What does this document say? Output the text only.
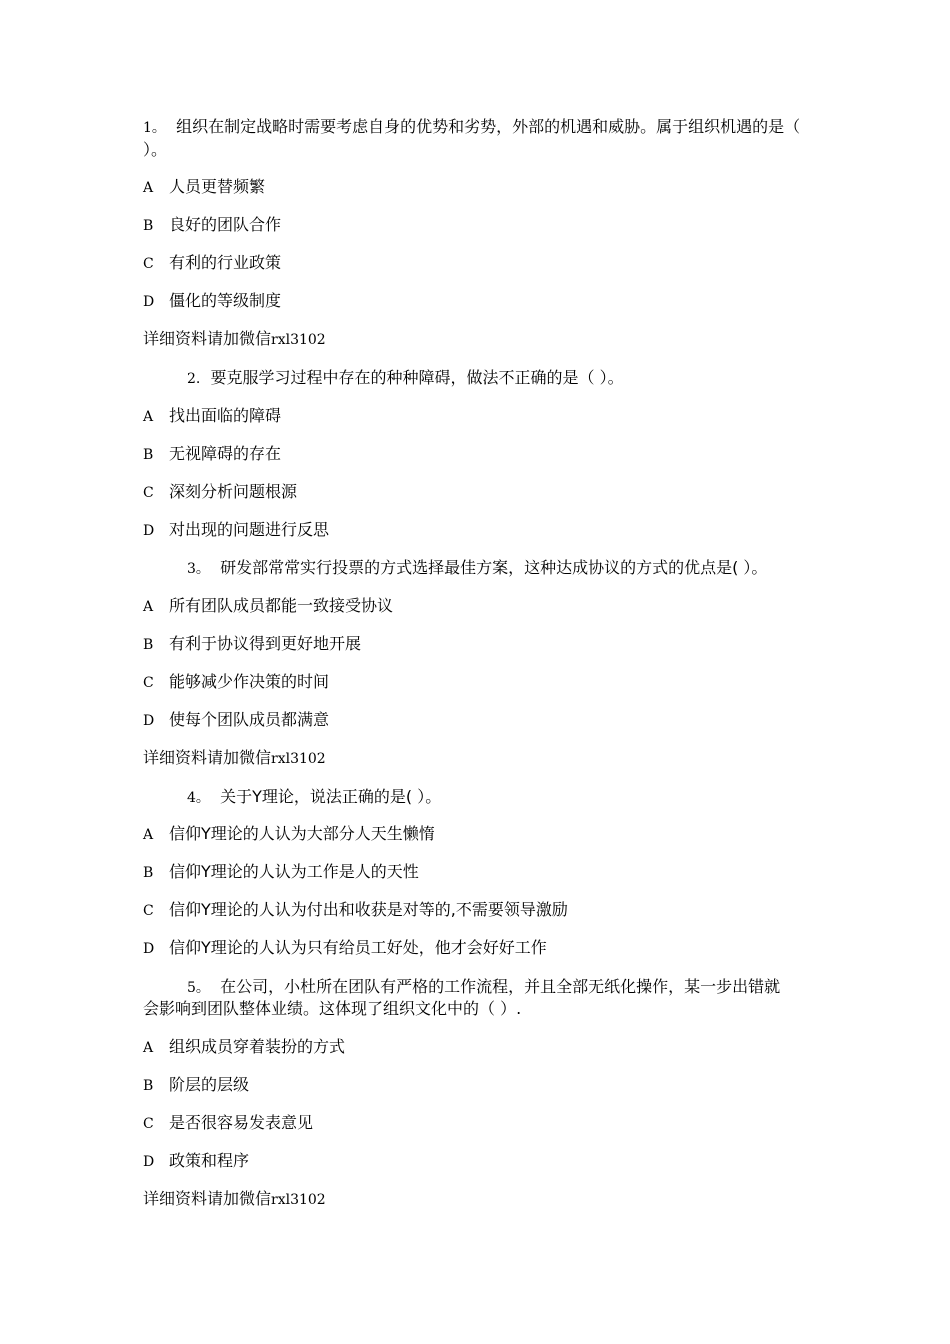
1。 组织在制定战略时需要考虑自身的优势和劣势，外部的机遇和威胁。属于组织机遇的是（ ）。
A 人员更替频繁
B 良好的团队合作
C 有利的行业政策
D 僵化的等级制度
详细资料请加微信rxl3102
2. 要克服学习过程中存在的种种障碍，做法不正确的是（ ）。
A 找出面临的障碍
B 无视障碍的存在
C 深刻分析问题根源
D 对出现的问题进行反思
3。 研发部常常实行投票的方式选择最佳方案，这种达成协议的方式的优点是( ）。
A 所有团队成员都能一致接受协议
B 有利于协议得到更好地开展
C 能够减少作决策的时间
D 使每个团队成员都满意
详细资料请加微信rxl3102
4。 关于Y理论，说法正确的是( ）。
A 信仰Y理论的人认为大部分人天生懒惰
B 信仰Y理论的人认为工作是人的天性
C 信仰Y理论的人认为付出和收获是对等的,不需要领导激励
D 信仰Y理论的人认为只有给员工好处，他才会好好工作
5。 在公司，小杜所在团队有严格的工作流程，并且全部无纸化操作，某一步出错就
会影响到团队整体业绩。这体现了组织文化中的（ ）.
A 组织成员穿着装扮的方式
B 阶层的层级
C 是否很容易发表意见
D 政策和程序
详细资料请加微信rxl3102
